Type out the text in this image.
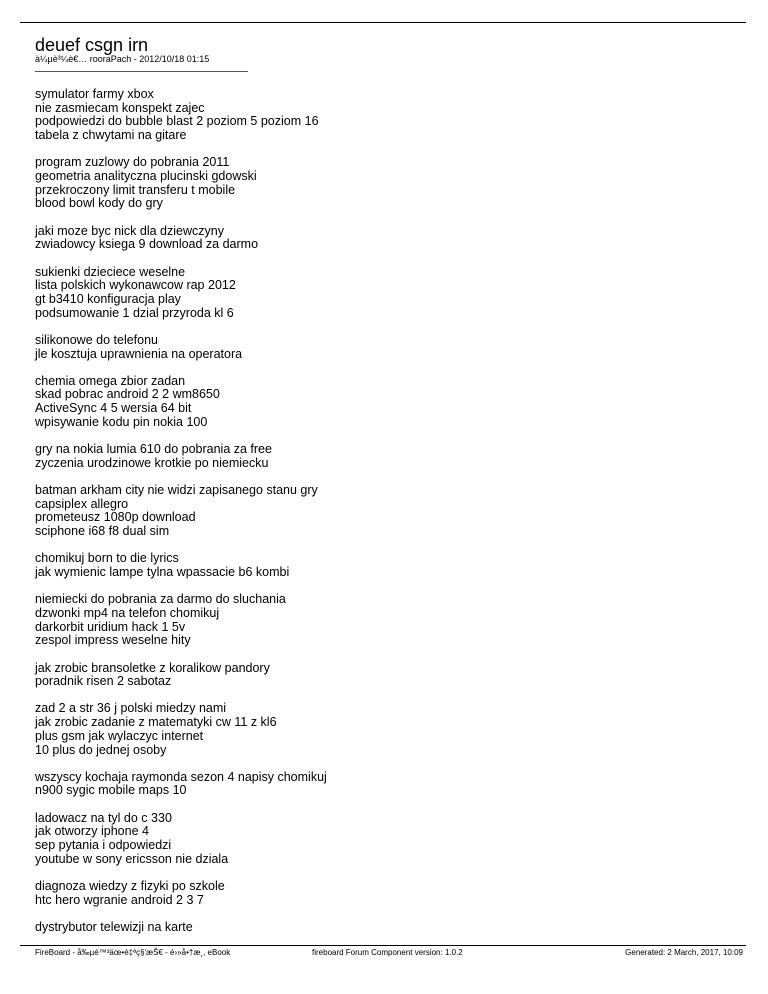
deuef csgn irn
à¼µè³¼è€… rooraPach - 2012/10/18 01:15
symulator farmy xbox
nie zasmiecam konspekt zajec
podpowiedzi do bubble blast 2 poziom 5 poziom 16
tabela z chwytami na gitare
program zuzlowy do pobrania 2011
geometria analityczna plucinski gdowski
przekroczony limit transferu t mobile
blood bowl kody do gry
jaki moze byc nick dla dziewczyny
zwiadowcy ksiega 9 download za darmo
sukienki dzieciece weselne
lista polskich wykonawcow rap 2012
gt b3410 konfiguracja play
podsumowanie 1 dzial przyroda kl 6
silikonowe do telefonu
jle kosztuja uprawnienia na operatora
chemia omega zbior zadan
skad pobrac android 2 2 wm8650
ActiveSync 4 5 wersia 64 bit
wpisywanie kodu pin nokia 100
gry na nokia lumia 610 do pobrania za free
zyczenia urodzinowe krotkie po niemiecku
batman arkham city nie widzi zapisanego stanu gry
capsiplex allegro
prometeusz 1080p download
sciphone i68 f8 dual sim
chomikuj born to die lyrics
jak wymienic lampe tylna wpassacie b6 kombi
niemiecki do pobrania za darmo do sluchania
dzwonki mp4 na telefon chomikuj
darkorbit uridium hack 1 5v
zespol impress weselne hity
jak zrobic bransoletke z koralikow pandory
poradnik risen 2 sabotaz
zad 2 a str 36 j polski miedzy nami
jak zrobic zadanie z matematyki cw 11 z kl6
plus gsm jak wylaczyc internet
10 plus do jednej osoby
wszyscy kochaja raymonda sezon 4 napisy chomikuj
n900 sygic mobile maps 10
ladowacz na tyl do c 330
jak otworzy iphone 4
sep pytania i odpowiedzi
youtube w sony ericsson nie dziala
diagnoza wiedzy z fizyki po szkole
htc hero wgranie android 2 3 7
dystrybutor telewizji na karte
FireBoard - å‰µé™³äœ•è‡ªç§'æŠ€ - é›»å•†æ¸, eBook	fireboard Forum Component version: 1.0.2	Generated: 2 March, 2017, 10:09
